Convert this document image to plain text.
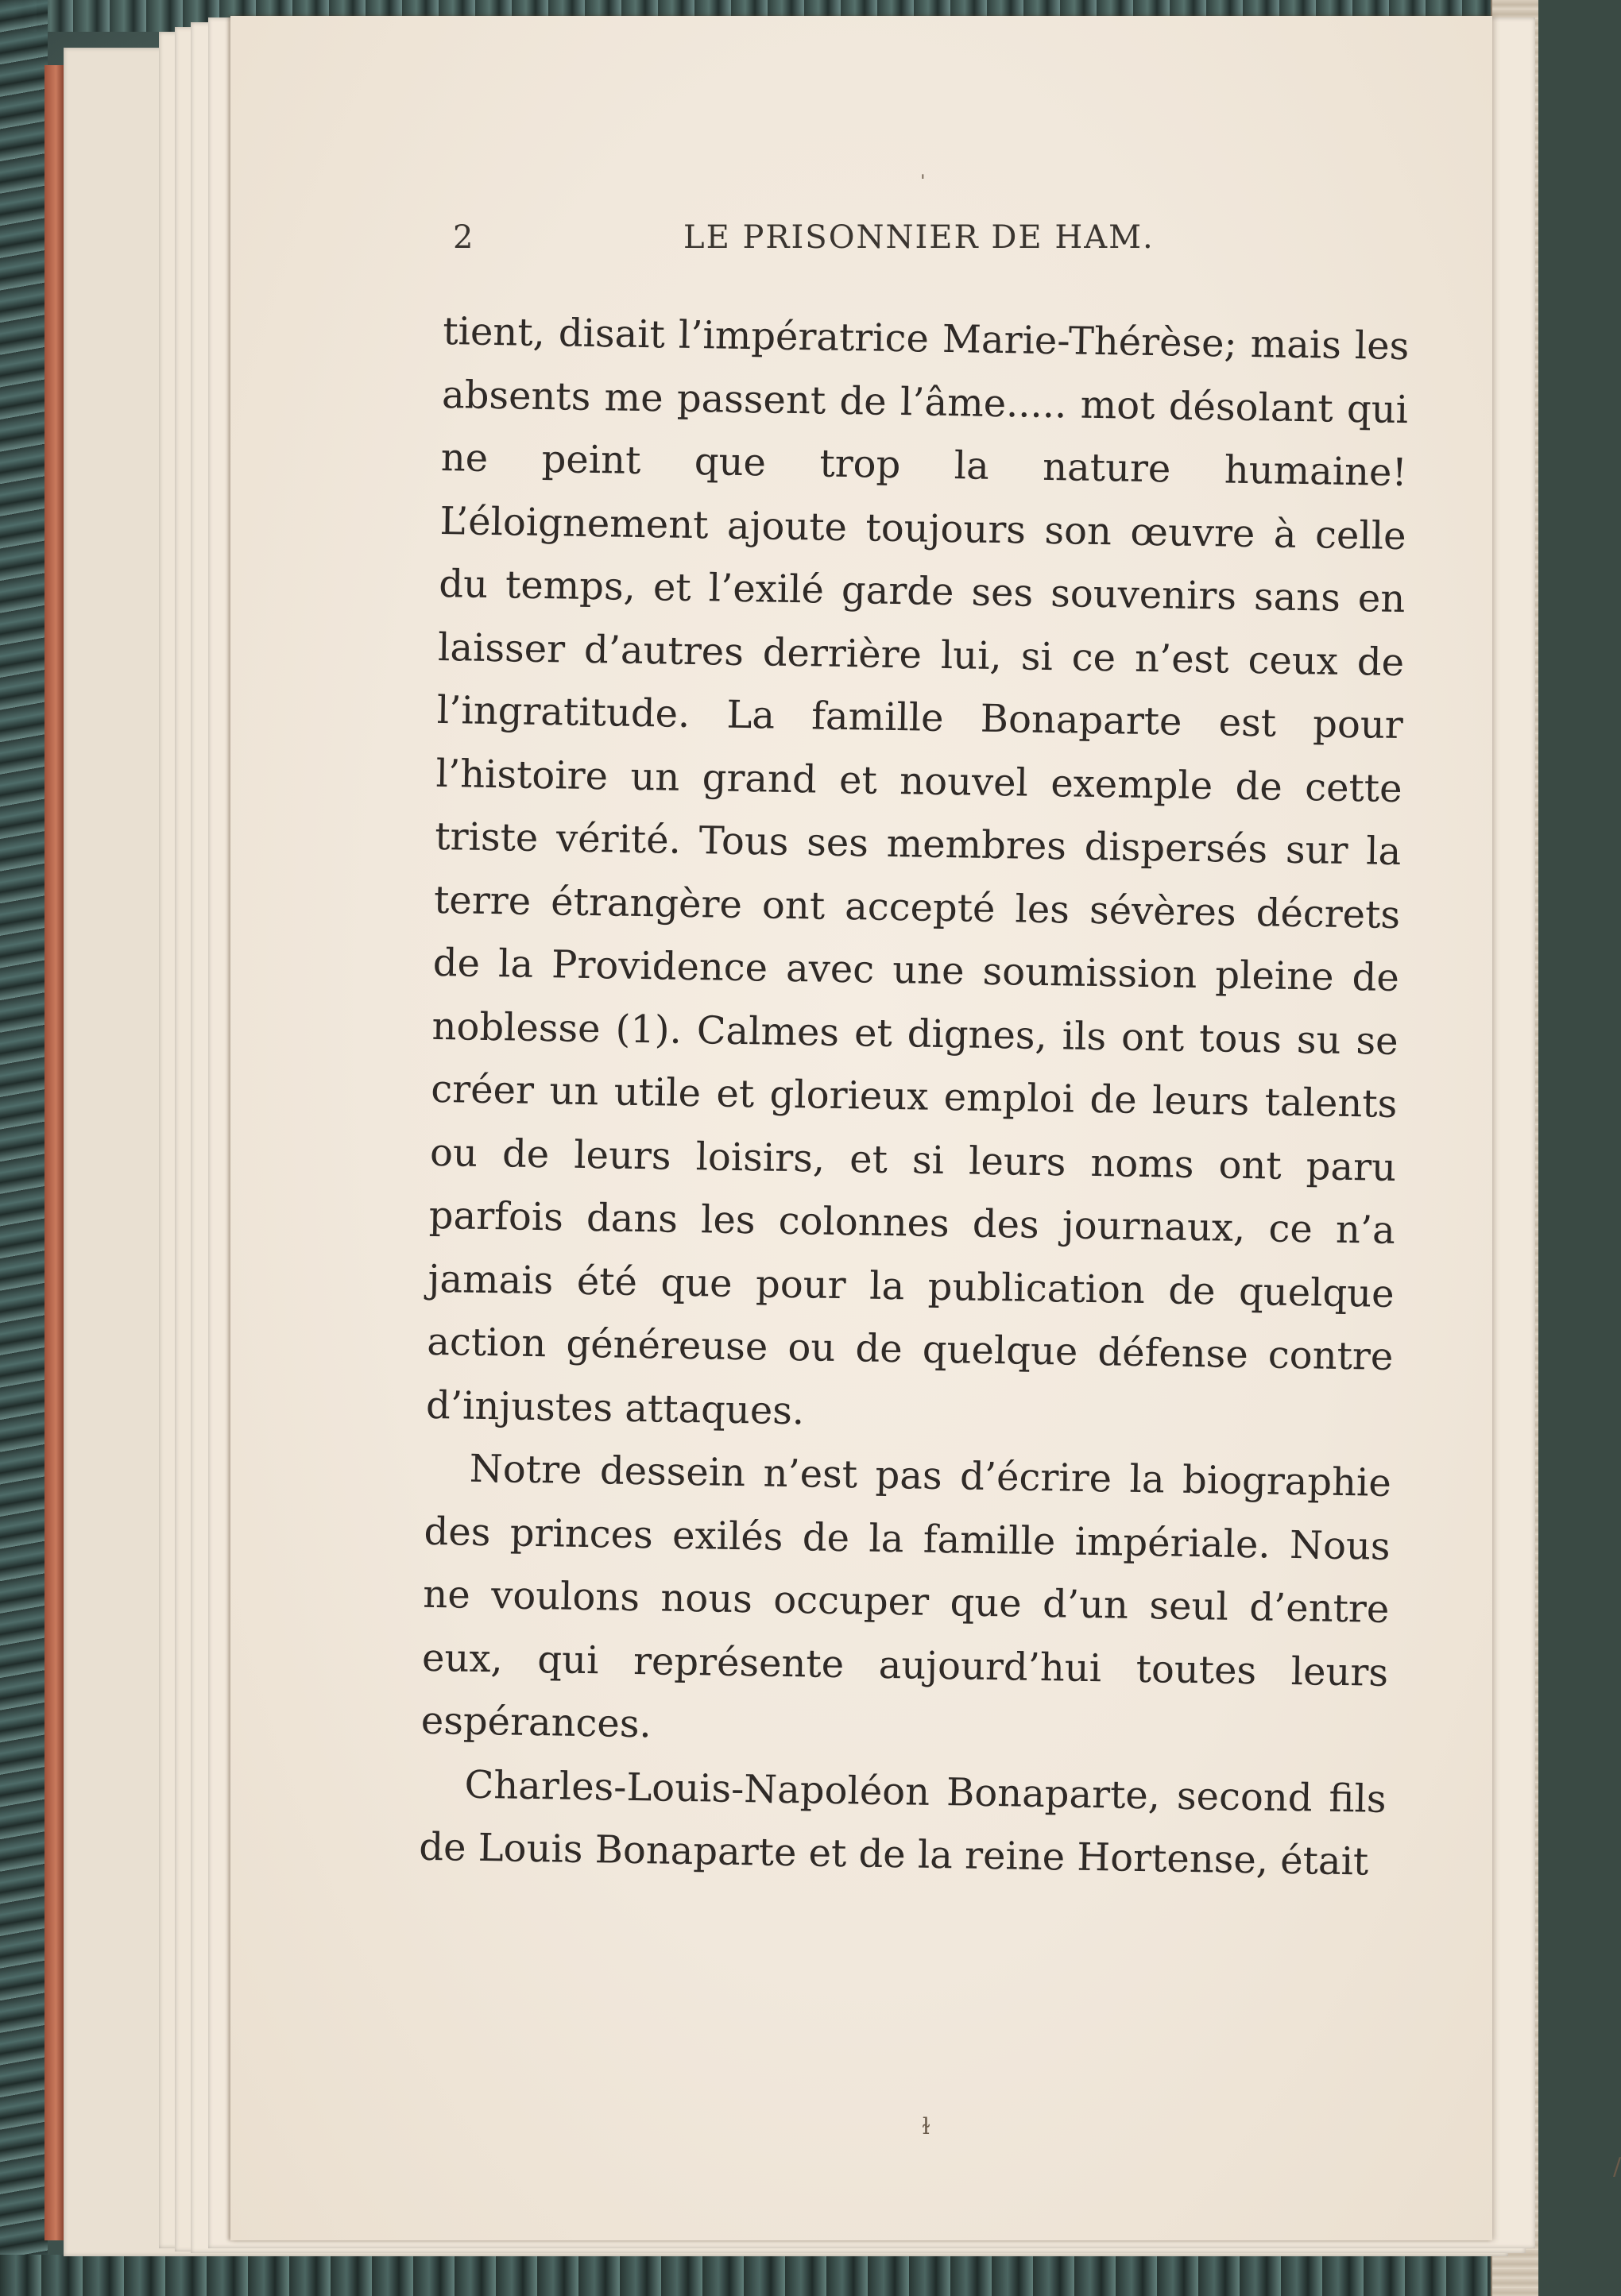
ˈ
2	LE PRISONNIER DE HAM.

tient, disait l’impératrice Marie-Thérèse; mais les absents me passent de l’âme..... mot désolant qui ne peint que trop la nature humaine! L’éloignement ajoute toujours son œuvre à celle du temps, et l’exilé garde ses souvenirs sans en laisser d’autres derrière lui, si ce n’est ceux de l’ingratitude. La famille Bonaparte est pour l’histoire un grand et nouvel exemple de cette triste vérité. Tous ses membres dispersés sur la terre étrangère ont accepté les sévères décrets de la Providence avec une soumission pleine de noblesse (1). Calmes et dignes, ils ont tous su se créer un utile et glorieux emploi de leurs talents ou de leurs loisirs, et si leurs noms ont paru parfois dans les colonnes des journaux, ce n’a jamais été que pour la publication de quelque action généreuse ou de quelque défense contre d’injustes attaques.

Notre dessein n’est pas d’écrire la biographie des princes exilés de la famille impériale. Nous ne voulons nous occuper que d’un seul d’entre eux, qui représente aujourd’hui toutes leurs espérances.

Charles-Louis-Napoléon Bonaparte, second fils de Louis Bonaparte et de la reine Hortense, était

ɫ
/
